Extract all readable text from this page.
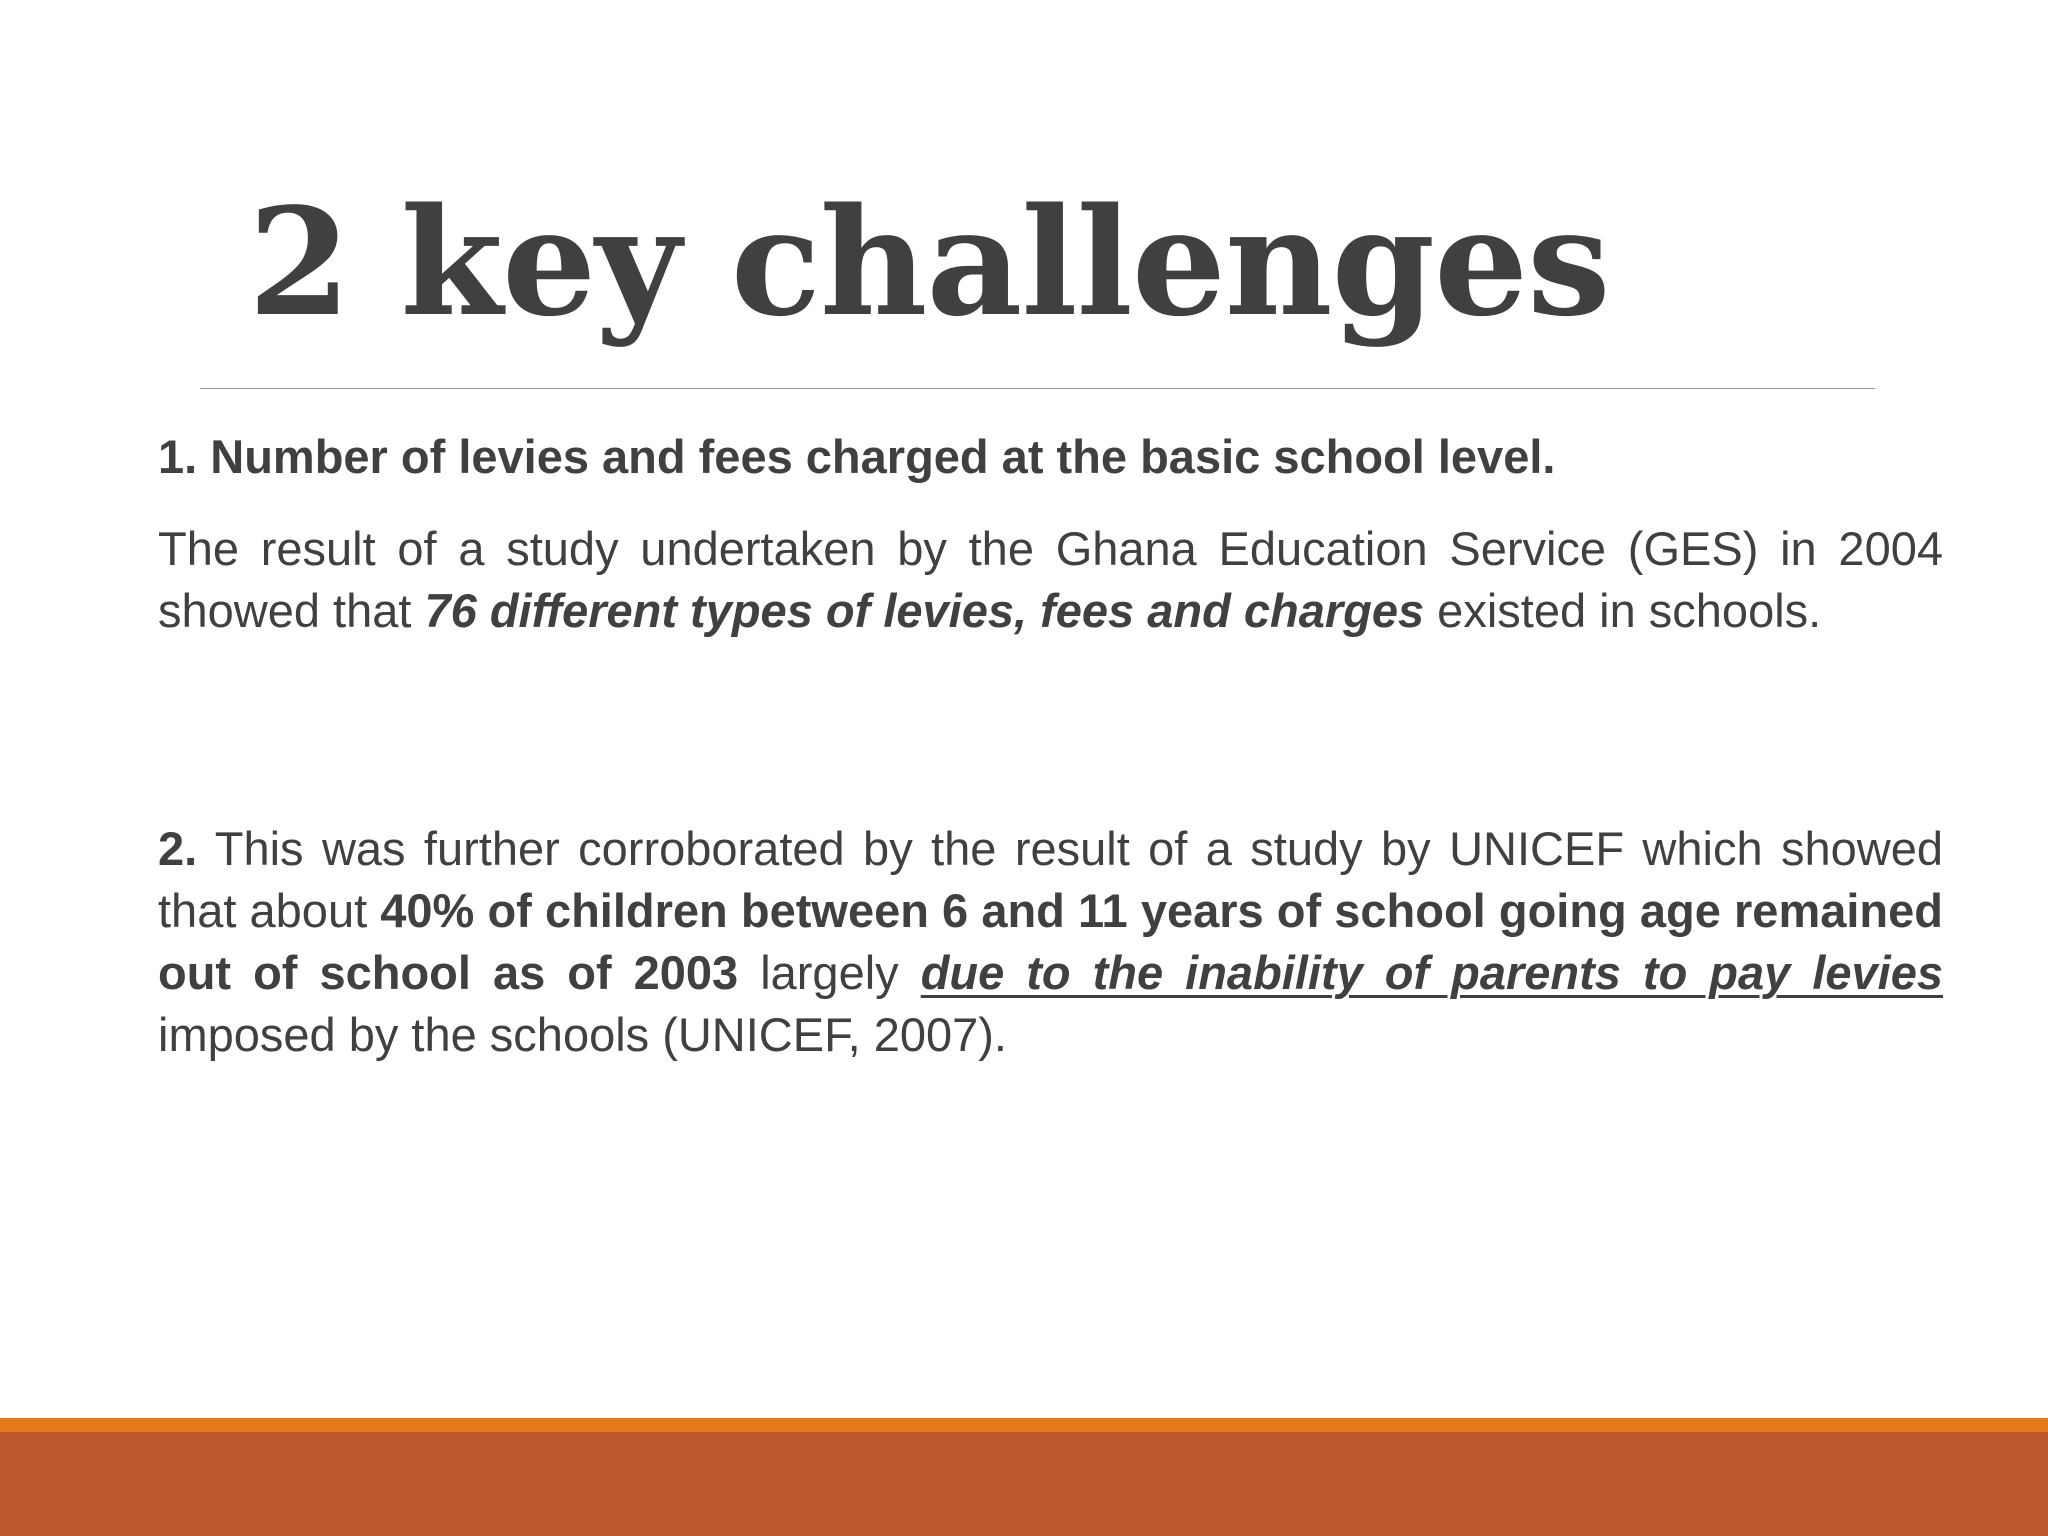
2 key challenges

1. Number of levies and fees charged at the basic school level.

The result of a study undertaken by the Ghana Education Service (GES) in 2004 showed that 76 different types of levies, fees and charges existed in schools.

2. This was further corroborated by the result of a study by UNICEF which showed that about 40% of children between 6 and 11 years of school going age remained out of school as of 2003 largely due to the inability of parents to pay levies imposed by the schools (UNICEF, 2007).
